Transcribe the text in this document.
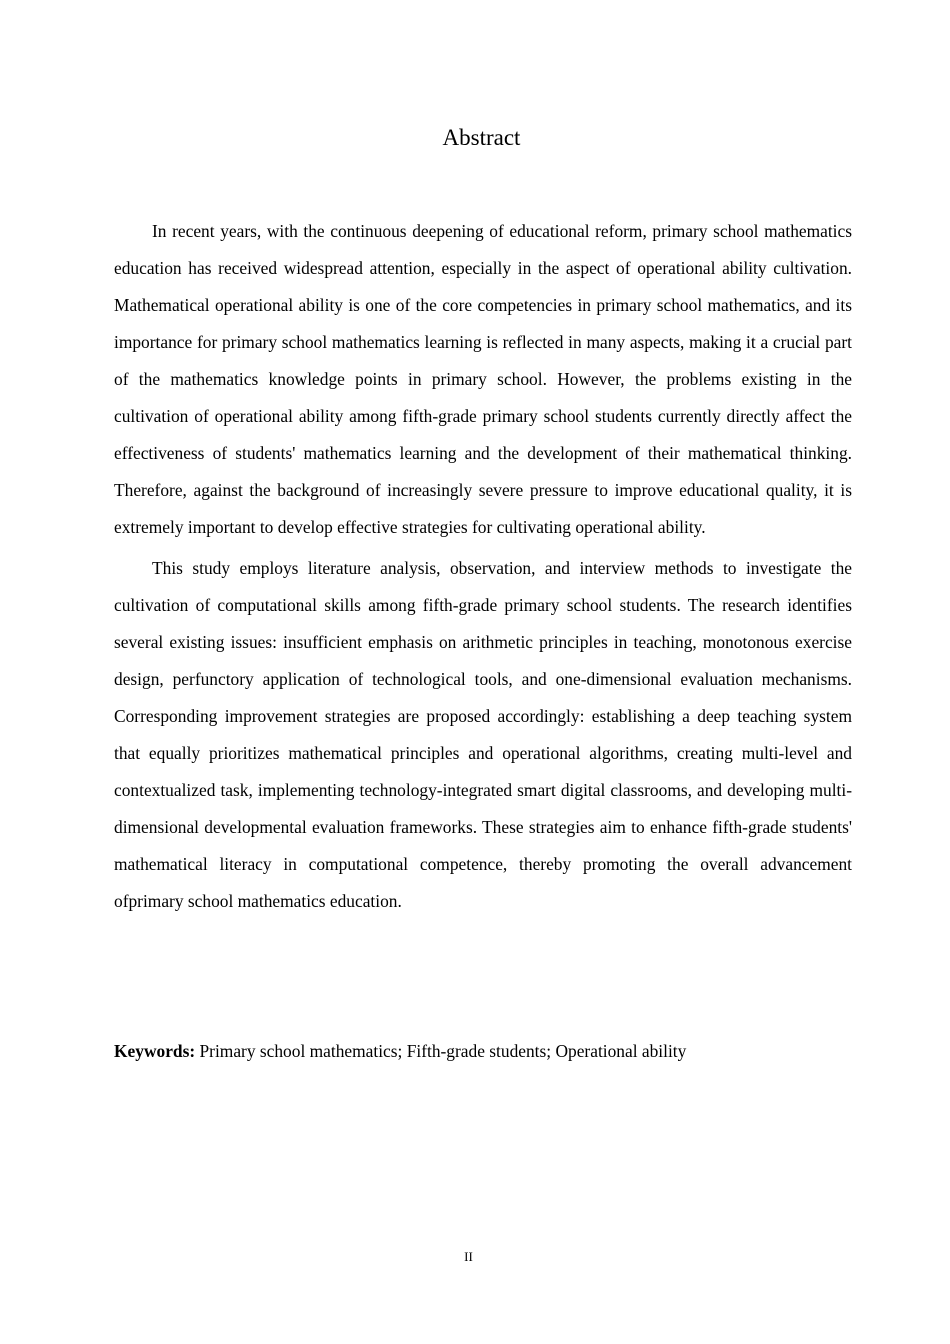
Abstract

In recent years, with the continuous deepening of educational reform, primary school mathematics education has received widespread attention, especially in the aspect of operational ability cultivation. Mathematical operational ability is one of the core competencies in primary school mathematics, and its importance for primary school mathematics learning is reflected in many aspects, making it a crucial part of the mathematics knowledge points in primary school. However, the problems existing in the cultivation of operational ability among fifth-grade primary school students currently directly affect the effectiveness of students' mathematics learning and the development of their mathematical thinking. Therefore, against the background of increasingly severe pressure to improve educational quality, it is extremely important to develop effective strategies for cultivating operational ability.

This study employs literature analysis, observation, and interview methods to investigate the cultivation of computational skills among fifth-grade primary school students. The research identifies several existing issues: insufficient emphasis on arithmetic principles in teaching, monotonous exercise design, perfunctory application of technological tools, and one-dimensional evaluation mechanisms. Corresponding improvement strategies are proposed accordingly: establishing a deep teaching system that equally prioritizes mathematical principles and operational algorithms, creating multi-level and contextualized task, implementing technology-integrated smart digital classrooms, and developing multi-dimensional developmental evaluation frameworks. These strategies aim to enhance fifth-grade students' mathematical literacy in computational competence, thereby promoting the overall advancement ofprimary school mathematics education.

Keywords: Primary school mathematics; Fifth-grade students; Operational ability

II
